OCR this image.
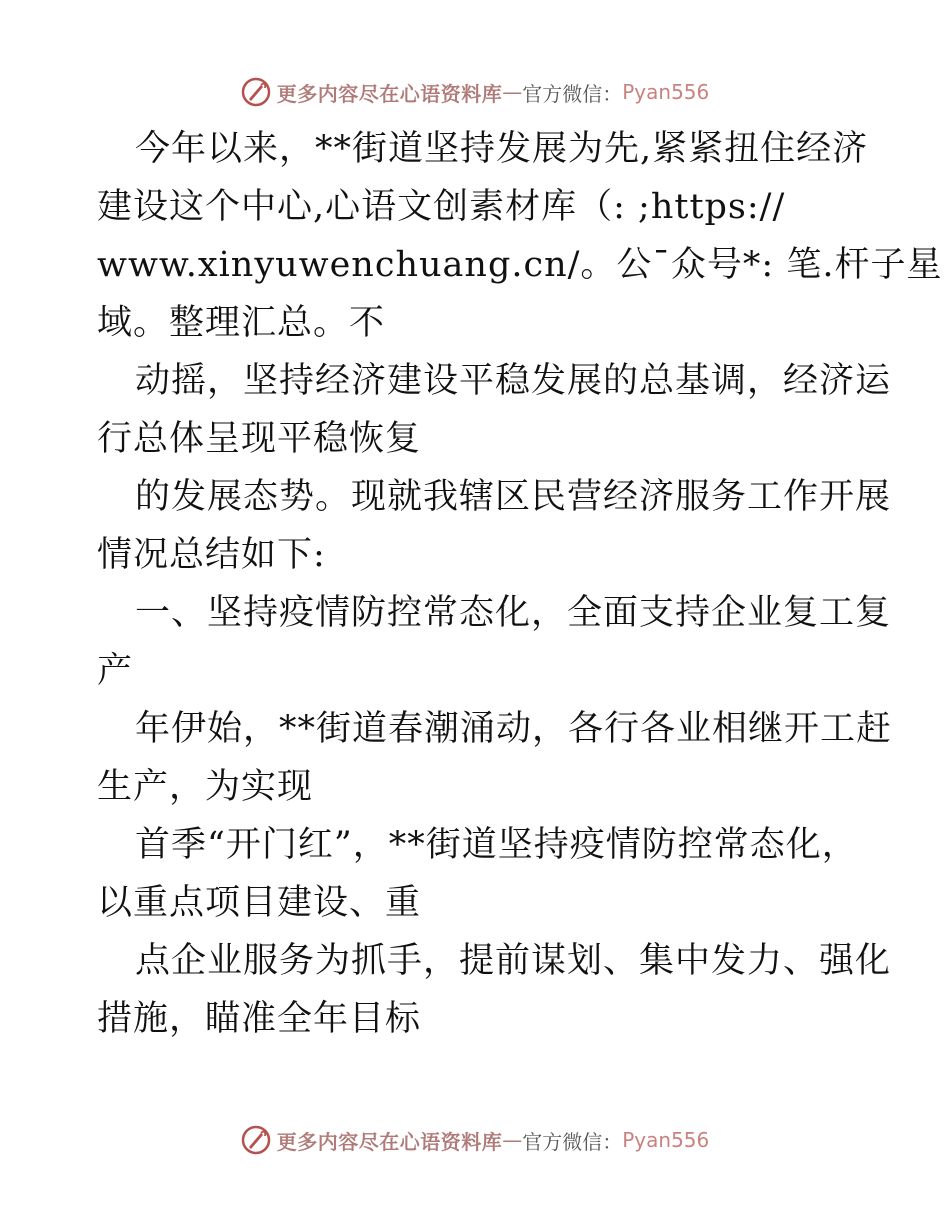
更多内容尽在心语资料库 — 官方微信： Pyan556
今年以来，**街道坚持发展为先,紧紧扭住经济
建设这个中心,心语文创素材库（: ;https://
www.xinyuwenchuang.cn/。公¯众号*: 笔.杆子星
域。整理汇总。不
动摇，坚持经济建设平稳发展的总基调，经济运
行总体呈现平稳恢复
的发展态势。现就我辖区民营经济服务工作开展
情况总结如下:
一、坚持疫情防控常态化，全面支持企业复工复
产
年伊始，**街道春潮涌动，各行各业相继开工赶
生产，为实现
首季“开门红”，**街道坚持疫情防控常态化，
以重点项目建设、重
点企业服务为抓手，提前谋划、集中发力、强化
措施，瞄准全年目标
更多内容尽在心语资料库 — 官方微信： Pyan556
